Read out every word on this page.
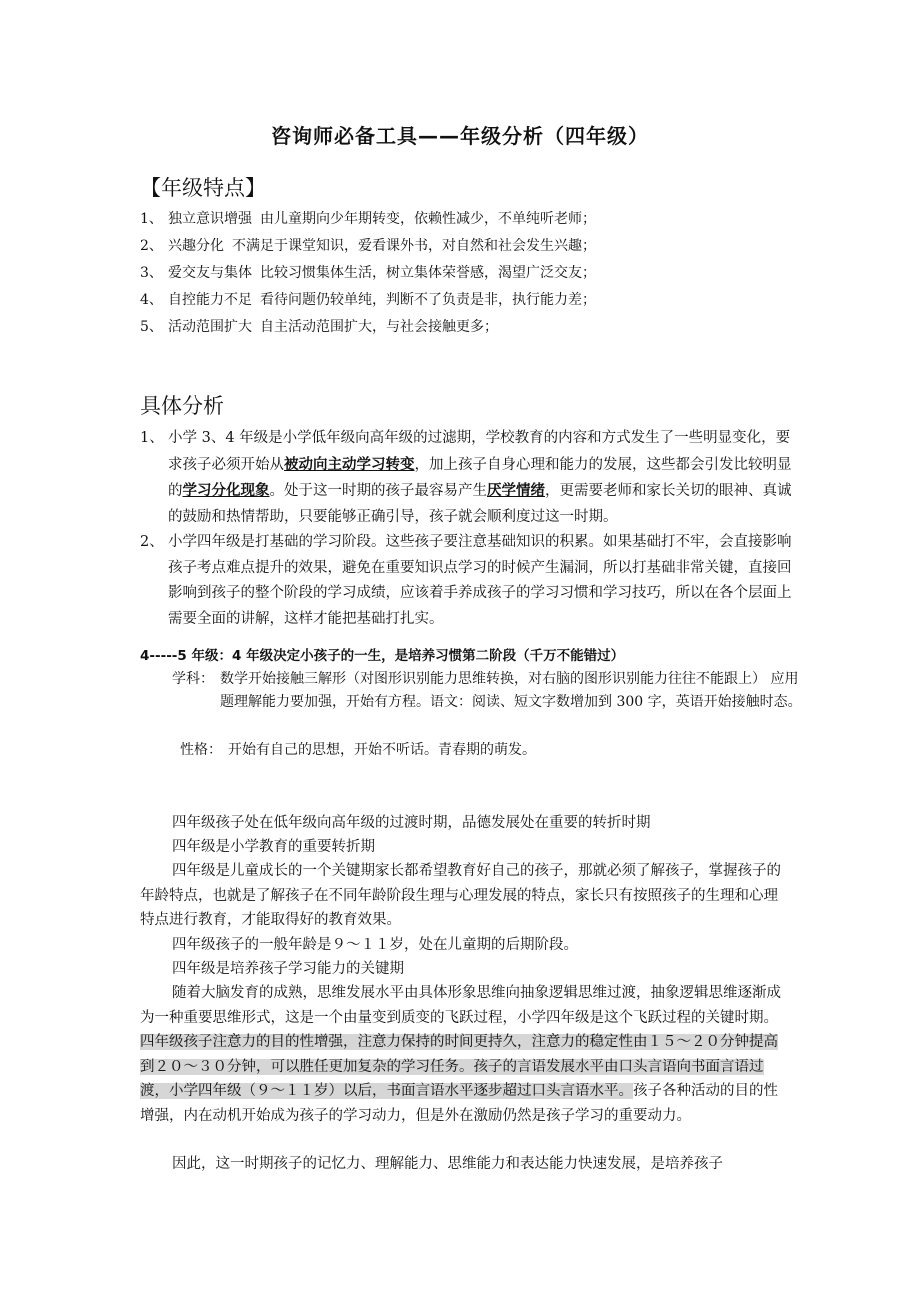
咨询师必备工具——年级分析（四年级）
【年级特点】
1、 独立意识增强 由儿童期向少年期转变，依赖性减少，不单纯听老师；
2、 兴趣分化 不满足于课堂知识，爱看课外书，对自然和社会发生兴趣；
3、 爱交友与集体 比较习惯集体生活，树立集体荣誉感，渴望广泛交友；
4、 自控能力不足 看待问题仍较单纯，判断不了负责是非，执行能力差；
5、 活动范围扩大 自主活动范围扩大，与社会接触更多；
具体分析
1、 小学 3、4 年级是小学低年级向高年级的过滤期，学校教育的内容和方式发生了一些明显变化，要求孩子必须开始从被动向主动学习转变，加上孩子自身心理和能力的发展，这些都会引发比较明显的学习分化现象。处于这一时期的孩子最容易产生厌学情绪，更需要老师和家长关切的眼神、真诚的鼓励和热情帮助，只要能够正确引导，孩子就会顺利度过这一时期。
2、 小学四年级是打基础的学习阶段。这些孩子要注意基础知识的积累。如果基础打不牢，会直接影响孩子考点难点提升的效果，避免在重要知识点学习的时候产生漏洞，所以打基础非常关键，直接回影响到孩子的整个阶段的学习成绩，应该着手养成孩子的学习习惯和学习技巧，所以在各个层面上需要全面的讲解，这样才能把基础打扎实。
4-----5 年级：4 年级决定小孩子的一生，是培养习惯第二阶段（千万不能错过）
学科： 数学开始接触三解形（对图形识别能力思维转换，对右脑的图形识别能力往往不能跟上） 应用题理解能力要加强，开始有方程。语文：阅读、短文字数增加到 300 字，英语开始接触时态。
性格： 开始有自己的思想，开始不听话。青春期的萌发。
四年级孩子处在低年级向高年级的过渡时期，品德发展处在重要的转折时期
四年级是小学教育的重要转折期
四年级是儿童成长的一个关键期家长都希望教育好自己的孩子，那就必须了解孩子，掌握孩子的年龄特点，也就是了解孩子在不同年龄阶段生理与心理发展的特点，家长只有按照孩子的生理和心理特点进行教育，才能取得好的教育效果。
四年级孩子的一般年龄是９～１１岁，处在儿童期的后期阶段。
四年级是培养孩子学习能力的关键期
随着大脑发育的成熟，思维发展水平由具体形象思维向抽象逻辑思维过渡，抽象逻辑思维逐渐成为一种重要思维形式，这是一个由量变到质变的飞跃过程，小学四年级是这个飞跃过程的关键时期。四年级孩子注意力的目的性增强，注意力保持的时间更持久，注意力的稳定性由１５～２０分钟提高到２０～３０分钟，可以胜任更加复杂的学习任务。孩子的言语发展水平由口头言语向书面言语过渡，小学四年级（９～１１岁）以后，书面言语水平逐步超过口头言语水平。孩子各种活动的目的性增强，内在动机开始成为孩子的学习动力，但是外在激励仍然是孩子学习的重要动力。
因此，这一时期孩子的记忆力、理解能力、思维能力和表达能力快速发展，是培养孩子
